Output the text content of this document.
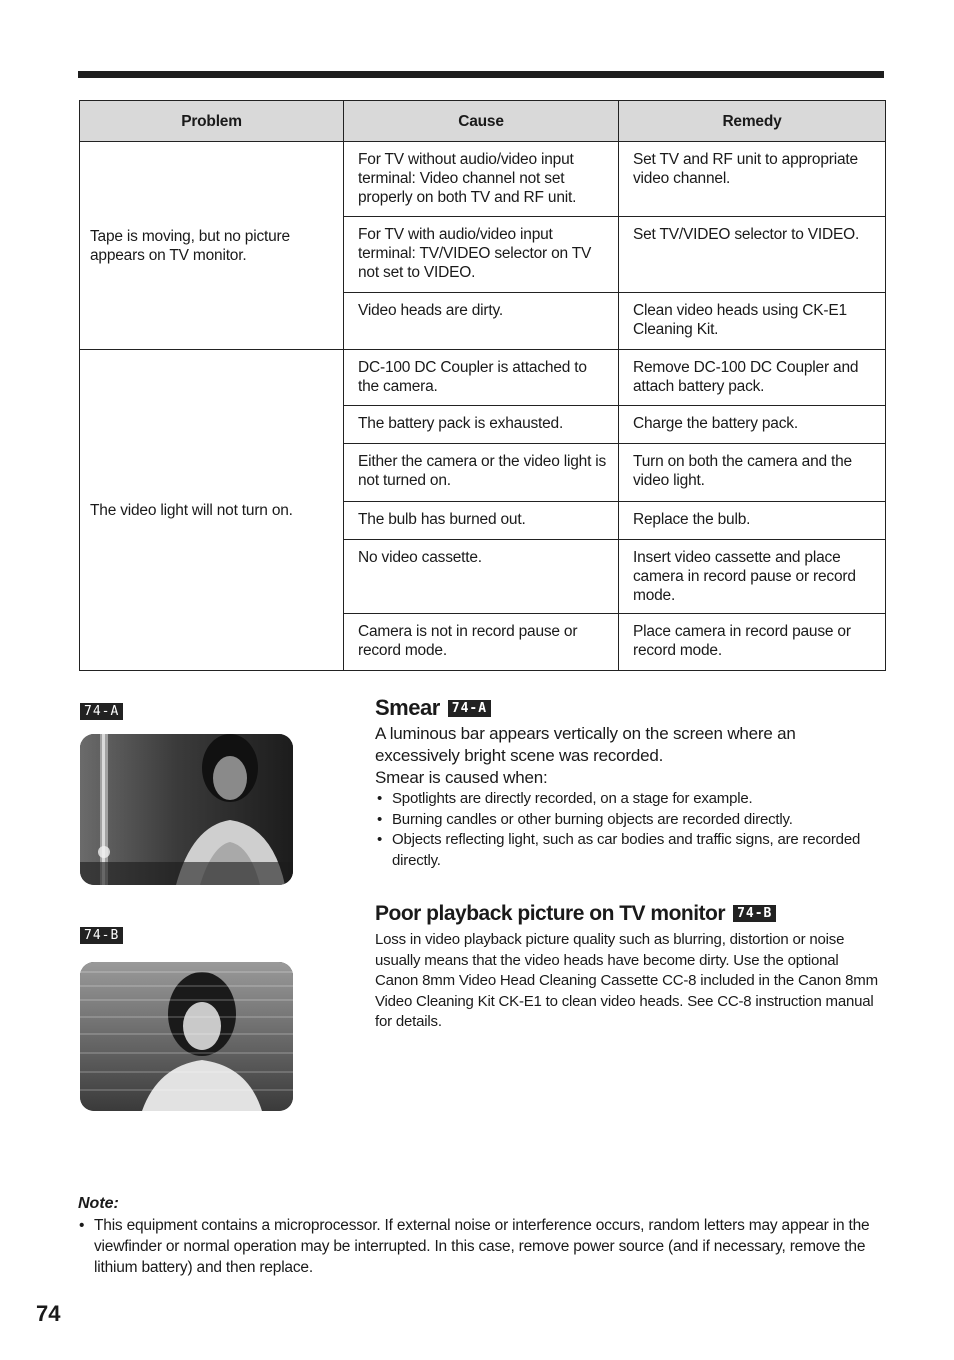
Problem	Cause	Remedy
Tape is moving, but no picture appears on TV monitor.	For TV without audio/video input terminal: Video channel not set properly on both TV and RF unit.	Set TV and RF unit to appropriate video channel.
	For TV with audio/video input terminal: TV/VIDEO selector on TV not set to VIDEO.	Set TV/VIDEO selector to VIDEO.
	Video heads are dirty.	Clean video heads using CK-E1 Cleaning Kit.
The video light will not turn on.	DC-100 DC Coupler is attached to the camera.	Remove DC-100 DC Coupler and attach battery pack.
	The battery pack is exhausted.	Charge the battery pack.
	Either the camera or the video light is not turned on.	Turn on both the camera and the video light.
	The bulb has burned out.	Replace the bulb.
	No video cassette.	Insert video cassette and place camera in record pause or record mode.
	Camera is not in record pause or record mode.	Place camera in record pause or record mode.
74-A
74-B
Smear 74-A

A luminous bar appears vertically on the screen where an excessively bright scene was recorded.

Smear is caused when:

• Spotlights are directly recorded, on a stage for example.
• Burning candles or other burning objects are recorded directly.
• Objects reflecting light, such as car bodies and traffic signs, are recorded directly.
Poor playback picture on TV monitor 74-B

Loss in video playback picture quality such as blurring, distortion or noise usually means that the video heads have become dirty. Use the optional Canon 8mm Video Head Cleaning Cassette CC-8 included in the Canon 8mm Video Cleaning Kit CK-E1 to clean video heads. See CC-8 instruction manual for details.

Note:
• This equipment contains a microprocessor. If external noise or interference occurs, random letters may appear in the viewfinder or normal operation may be interrupted. In this case, remove power source (and if necessary, remove the lithium battery) and then replace.
74
